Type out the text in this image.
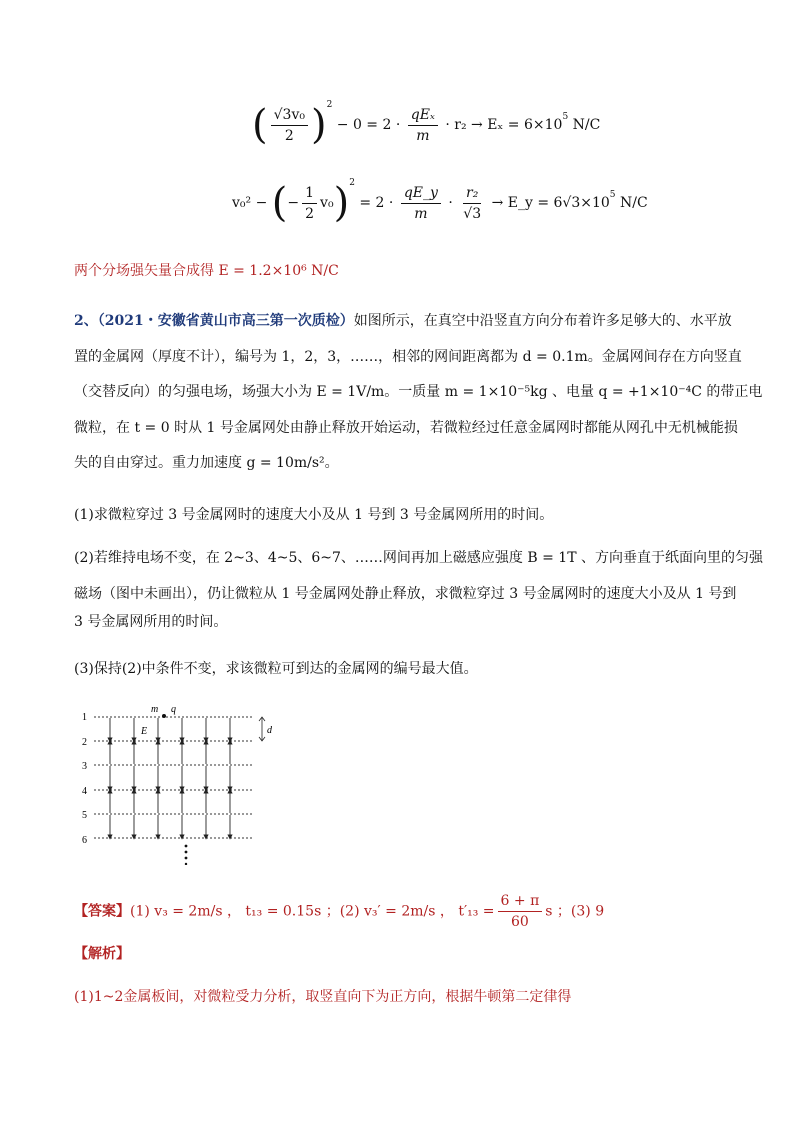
( $\frac{\text{√3v₀}}{2} )^2 - 0 = 2 \cdot \frac{\text{qEₓ}}{m} \cdot r_2 \to E_x = 6\times 10^5$ N/C
v₀² − (− $\frac{1}{2} v_0)^2 = 2 \cdot \frac{qE\_y}{m} \cdot \frac{\text{r₂}}{√3}$ → E_y = $6√3\times 10^5$ N/C
两个分场强矢量合成得 E = 1.2×10⁶ N/C
2、（2021・安徽省黄山市高三第一次质检）如图所示，在真空中沿竖直方向分布着许多足够大的、水平放
置的金属网（厚度不计），编号为 1，2，3，……，相邻的网间距离都为 d = 0.1m。金属网间存在方向竖直
（交替反向）的匀强电场，场强大小为 E = 1V/m。一质量 m = 1×10⁻⁵kg 、电量 q = +1×10⁻⁴C 的带正电
微粒，在 t = 0 时从 1 号金属网处由静止释放开始运动，若微粒经过任意金属网时都能从网孔中无机械能损
失的自由穿过。重力加速度 g = 10m/s²。
(1)求微粒穿过 3 号金属网时的速度大小及从 1 号到 3 号金属网所用的时间。
(2)若维持电场不变，在 2~3、4~5、6~7、……网间再加上磁感应强度 B = 1T 、方向垂直于纸面向里的匀强
磁场（图中未画出），仍让微粒从 1 号金属网处静止释放，求微粒穿过 3 号金属网时的速度大小及从 1 号到
3 号金属网所用的时间。
(3)保持(2)中条件不变，求该微粒可到达的金属网的编号最大值。
1
2
3
4
5
6
m q
E	d
【答案】(1) v₃ = 2m/s ， t₁₃ = 0.15s ；(2) v₃′ = 2m/s ， $t'_{13} = \frac{6 + \pi}{60}$ s ；(3) 9
【解析】
(1)1~2金属板间，对微粒受力分析，取竖直向下为正方向，根据牛顿第二定律得
